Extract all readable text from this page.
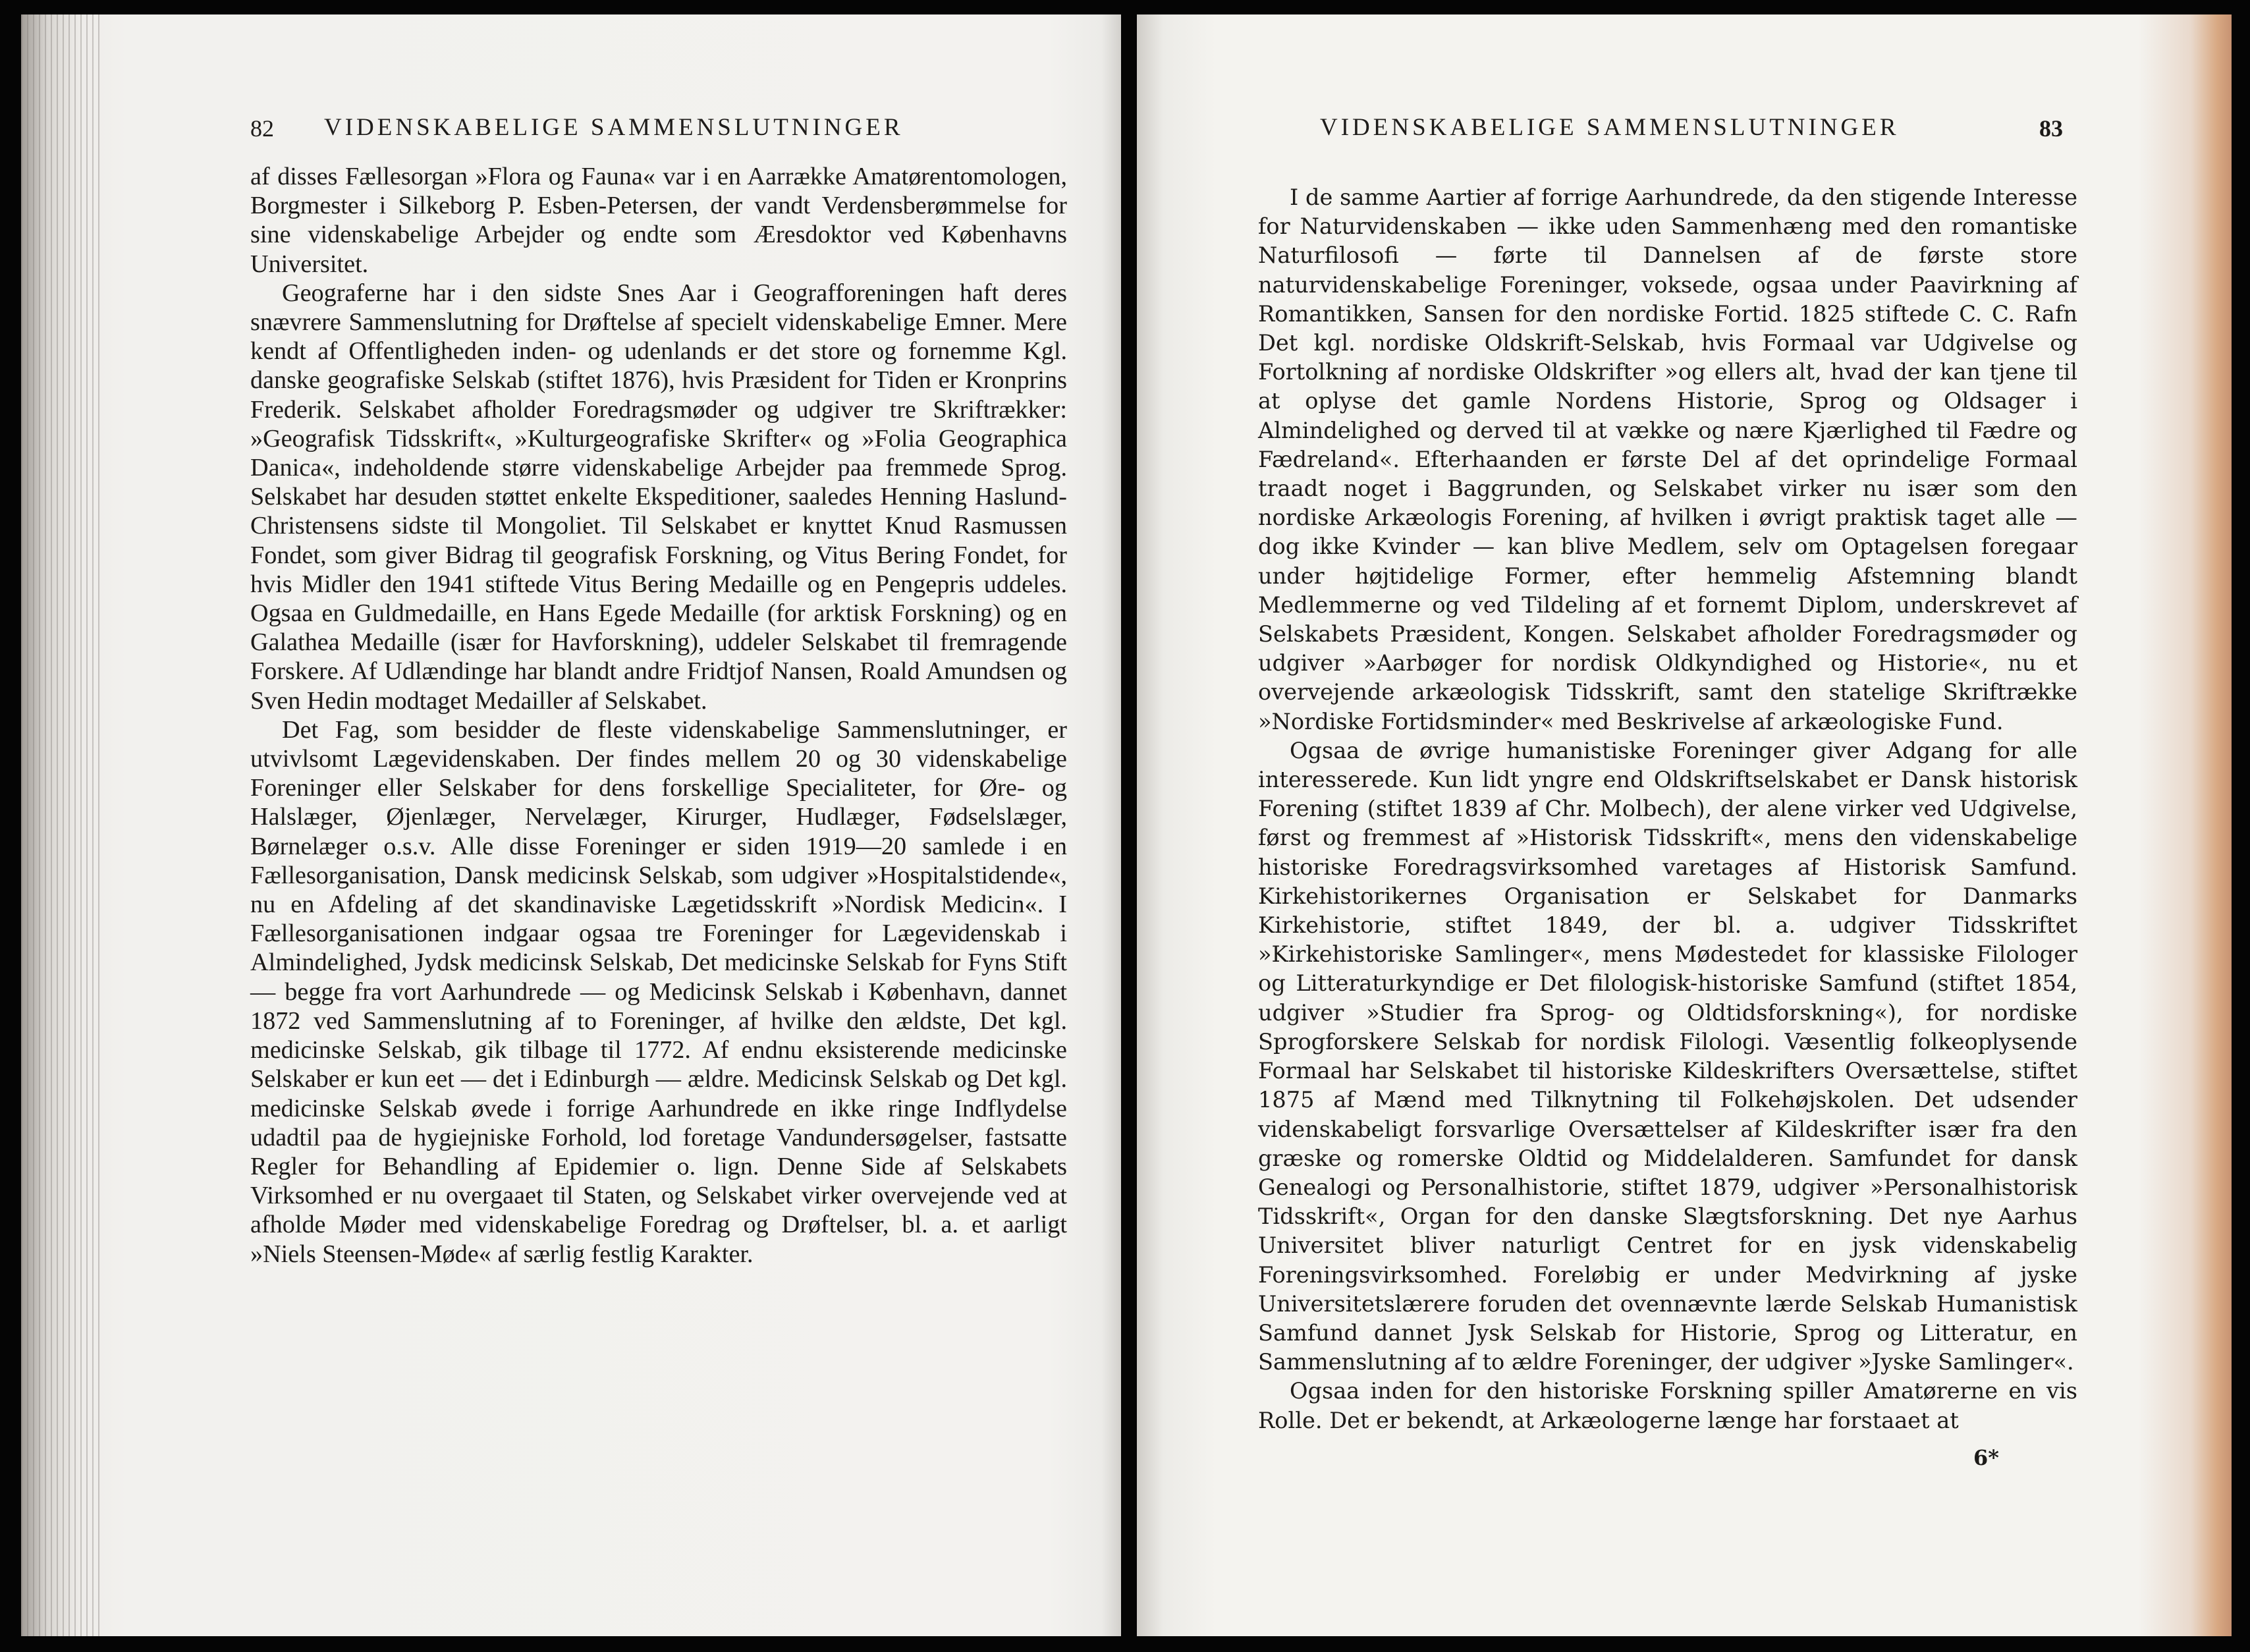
82 VIDENSKABELIGE SAMMENSLUTNINGER

af disses Fællesorgan »Flora og Fauna« var i en Aarrække Amatørentomologen, Borgmester i Silkeborg P. Esben-Petersen, der vandt Verdensberømmelse for sine videnskabelige Arbejder og endte som Æresdoktor ved Københavns Universitet.

Geograferne har i den sidste Snes Aar i Geografforeningen haft deres snævrere Sammenslutning for Drøftelse af specielt videnskabelige Emner. Mere kendt af Offentligheden inden- og udenlands er det store og fornemme Kgl. danske geografiske Selskab (stiftet 1876), hvis Præsident for Tiden er Kronprins Frederik. Selskabet afholder Foredragsmøder og udgiver tre Skriftrækker: »Geografisk Tidsskrift«, »Kulturgeografiske Skrifter« og »Folia Geographica Danica«, indeholdende større videnskabelige Arbejder paa fremmede Sprog. Selskabet har desuden støttet enkelte Ekspeditioner, saaledes Henning Haslund-Christensens sidste til Mongoliet. Til Selskabet er knyttet Knud Rasmussen Fondet, som giver Bidrag til geografisk Forskning, og Vitus Bering Fondet, for hvis Midler den 1941 stiftede Vitus Bering Medaille og en Pengepris uddeles. Ogsaa en Guldmedaille, en Hans Egede Medaille (for arktisk Forskning) og en Galathea Medaille (især for Havforskning), uddeler Selskabet til fremragende Forskere. Af Udlændinge har blandt andre Fridtjof Nansen, Roald Amundsen og Sven Hedin modtaget Medailler af Selskabet.

Det Fag, som besidder de fleste videnskabelige Sammenslutninger, er utvivlsomt Lægevidenskaben. Der findes mellem 20 og 30 videnskabelige Foreninger eller Selskaber for dens forskellige Specialiteter, for Øre- og Halslæger, Øjenlæger, Nervelæger, Kirurger, Hudlæger, Fødselslæger, Børnelæger o.s.v. Alle disse Foreninger er siden 1919—20 samlede i en Fællesorganisation, Dansk medicinsk Selskab, som udgiver »Hospitalstidende«, nu en Afdeling af det skandinaviske Lægetidsskrift »Nordisk Medicin«. I Fællesorganisationen indgaar ogsaa tre Foreninger for Lægevidenskab i Almindelighed, Jydsk medicinsk Selskab, Det medicinske Selskab for Fyns Stift — begge fra vort Aarhundrede — og Medicinsk Selskab i København, dannet 1872 ved Sammenslutning af to Foreninger, af hvilke den ældste, Det kgl. medicinske Selskab, gik tilbage til 1772. Af endnu eksisterende medicinske Selskaber er kun eet — det i Edinburgh — ældre. Medicinsk Selskab og Det kgl. medicinske Selskab øvede i forrige Aarhundrede en ikke ringe Indflydelse udadtil paa de hygiejniske Forhold, lod foretage Vandundersøgelser, fastsatte Regler for Behandling af Epidemier o. lign. Denne Side af Selskabets Virksomhed er nu overgaaet til Staten, og Selskabet virker overvejende ved at afholde Møder med videnskabelige Foredrag og Drøftelser, bl. a. et aarligt »Niels Steensen-Møde« af særlig festlig Karakter.

VIDENSKABELIGE SAMMENSLUTNINGER	83

I de samme Aartier af forrige Aarhundrede, da den stigende Interesse for Naturvidenskaben — ikke uden Sammenhæng med den romantiske Naturfilosofi — førte til Dannelsen af de første store naturvidenskabelige Foreninger, voksede, ogsaa under Paavirkning af Romantikken, Sansen for den nordiske Fortid. 1825 stiftede C. C. Rafn Det kgl. nordiske Oldskrift-Selskab, hvis Formaal var Udgivelse og Fortolkning af nordiske Oldskrifter »og ellers alt, hvad der kan tjene til at oplyse det gamle Nordens Historie, Sprog og Oldsager i Almindelighed og derved til at vække og nære Kjærlighed til Fædre og Fædreland«. Efterhaanden er første Del af det oprindelige Formaal traadt noget i Baggrunden, og Selskabet virker nu især som den nordiske Arkæologis Forening, af hvilken i øvrigt praktisk taget alle — dog ikke Kvinder — kan blive Medlem, selv om Optagelsen foregaar under højtidelige Former, efter hemmelig Afstemning blandt Medlemmerne og ved Tildeling af et fornemt Diplom, underskrevet af Selskabets Præsident, Kongen. Selskabet afholder Foredragsmøder og udgiver »Aarbøger for nordisk Oldkyndighed og Historie«, nu et overvejende arkæologisk Tidsskrift, samt den statelige Skriftrække »Nordiske Fortidsminder« med Beskrivelse af arkæologiske Fund.

Ogsaa de øvrige humanistiske Foreninger giver Adgang for alle interesserede. Kun lidt yngre end Oldskriftselskabet er Dansk historisk Forening (stiftet 1839 af Chr. Molbech), der alene virker ved Udgivelse, først og fremmest af »Historisk Tidsskrift«, mens den videnskabelige historiske Foredragsvirksomhed varetages af Historisk Samfund. Kirkehistorikernes Organisation er Selskabet for Danmarks Kirkehistorie, stiftet 1849, der bl. a. udgiver Tidsskriftet »Kirkehistoriske Samlinger«, mens Mødestedet for klassiske Filologer og Litteraturkyndige er Det filologisk-historiske Samfund (stiftet 1854, udgiver »Studier fra Sprog- og Oldtidsforskning«), for nordiske Sprogforskere Selskab for nordisk Filologi. Væsentlig folkeoplysende Formaal har Selskabet til historiske Kildeskrifters Oversættelse, stiftet 1875 af Mænd med Tilknytning til Folkehøjskolen. Det udsender videnskabeligt forsvarlige Oversættelser af Kildeskrifter især fra den græske og romerske Oldtid og Middelalderen. Samfundet for dansk Genealogi og Personalhistorie, stiftet 1879, udgiver »Personalhistorisk Tidsskrift«, Organ for den danske Slægtsforskning. Det nye Aarhus Universitet bliver naturligt Centret for en jysk videnskabelig Foreningsvirksomhed. Foreløbig er under Medvirkning af jyske Universitetslærere foruden det ovennævnte lærde Selskab Humanistisk Samfund dannet Jysk Selskab for Historie, Sprog og Litteratur, en Sammenslutning af to ældre Foreninger, der udgiver »Jyske Samlinger«.

Ogsaa inden for den historiske Forskning spiller Amatørerne en vis Rolle. Det er bekendt, at Arkæologerne længe har forstaaet at

6*
